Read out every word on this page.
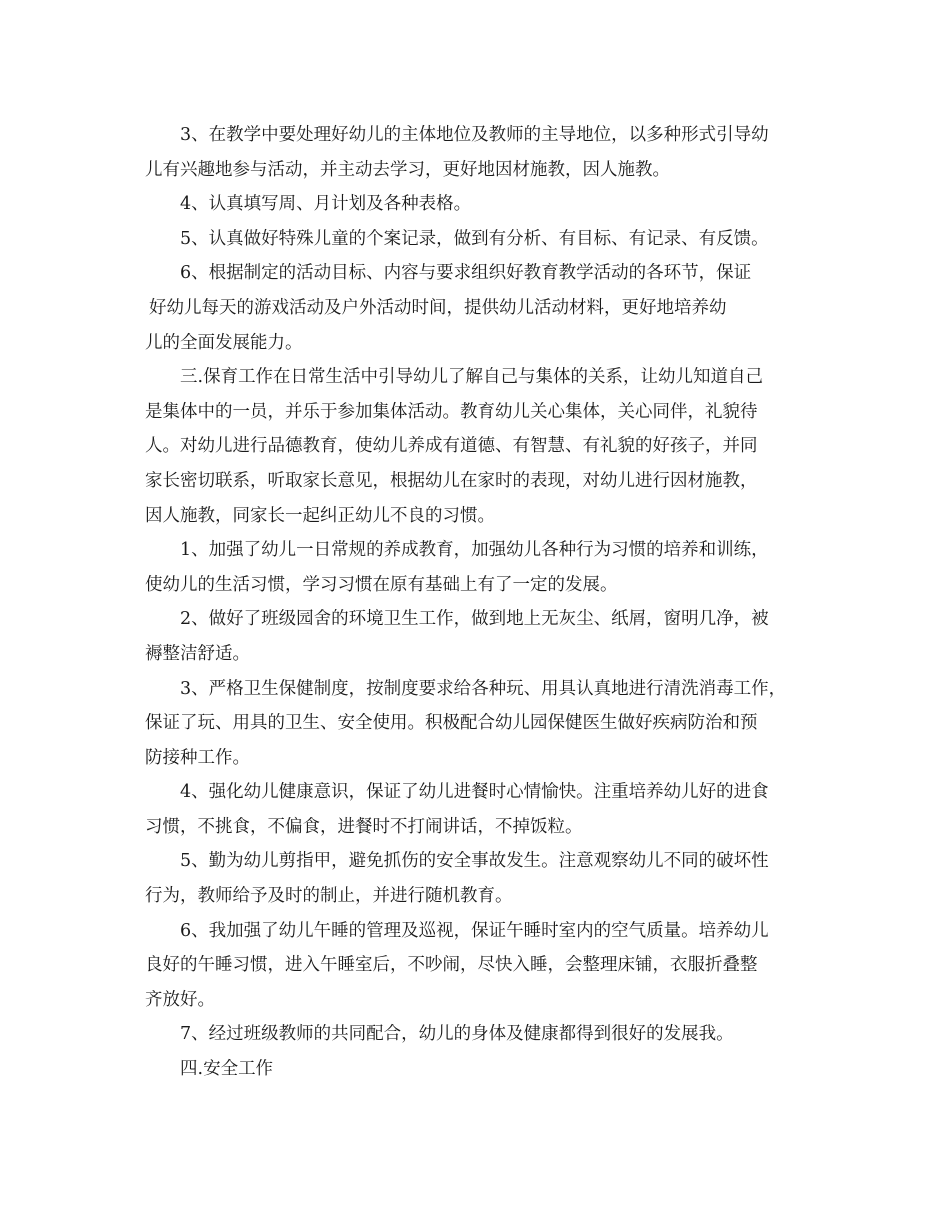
3、在教学中要处理好幼儿的主体地位及教师的主导地位，以多种形式引导幼
儿有兴趣地参与活动，并主动去学习，更好地因材施教，因人施教。
4、认真填写周、月计划及各种表格。
5、认真做好特殊儿童的个案记录，做到有分析、有目标、有记录、有反馈。
6、根据制定的活动目标、内容与要求组织好教育教学活动的各环节，保证
好幼儿每天的游戏活动及户外活动时间，提供幼儿活动材料，更好地培养幼
儿的全面发展能力。
三.保育工作在日常生活中引导幼儿了解自己与集体的关系，让幼儿知道自己
是集体中的一员，并乐于参加集体活动。教育幼儿关心集体，关心同伴，礼貌待
人。对幼儿进行品德教育，使幼儿养成有道德、有智慧、有礼貌的好孩子，并同
家长密切联系，听取家长意见，根据幼儿在家时的表现，对幼儿进行因材施教，
因人施教，同家长一起纠正幼儿不良的习惯。
1、加强了幼儿一日常规的养成教育，加强幼儿各种行为习惯的培养和训练，
使幼儿的生活习惯，学习习惯在原有基础上有了一定的发展。
2、做好了班级园舍的环境卫生工作，做到地上无灰尘、纸屑，窗明几净，被
褥整洁舒适。
3、严格卫生保健制度，按制度要求给各种玩、用具认真地进行清洗消毒工作，
保证了玩、用具的卫生、安全使用。积极配合幼儿园保健医生做好疾病防治和预
防接种工作。
4、强化幼儿健康意识，保证了幼儿进餐时心情愉快。注重培养幼儿好的进食
习惯，不挑食，不偏食，进餐时不打闹讲话，不掉饭粒。
5、勤为幼儿剪指甲，避免抓伤的安全事故发生。注意观察幼儿不同的破坏性
行为，教师给予及时的制止，并进行随机教育。
6、我加强了幼儿午睡的管理及巡视，保证午睡时室内的空气质量。培养幼儿
良好的午睡习惯，进入午睡室后，不吵闹，尽快入睡，会整理床铺，衣服折叠整
齐放好。
7、经过班级教师的共同配合，幼儿的身体及健康都得到很好的发展我。
四.安全工作
